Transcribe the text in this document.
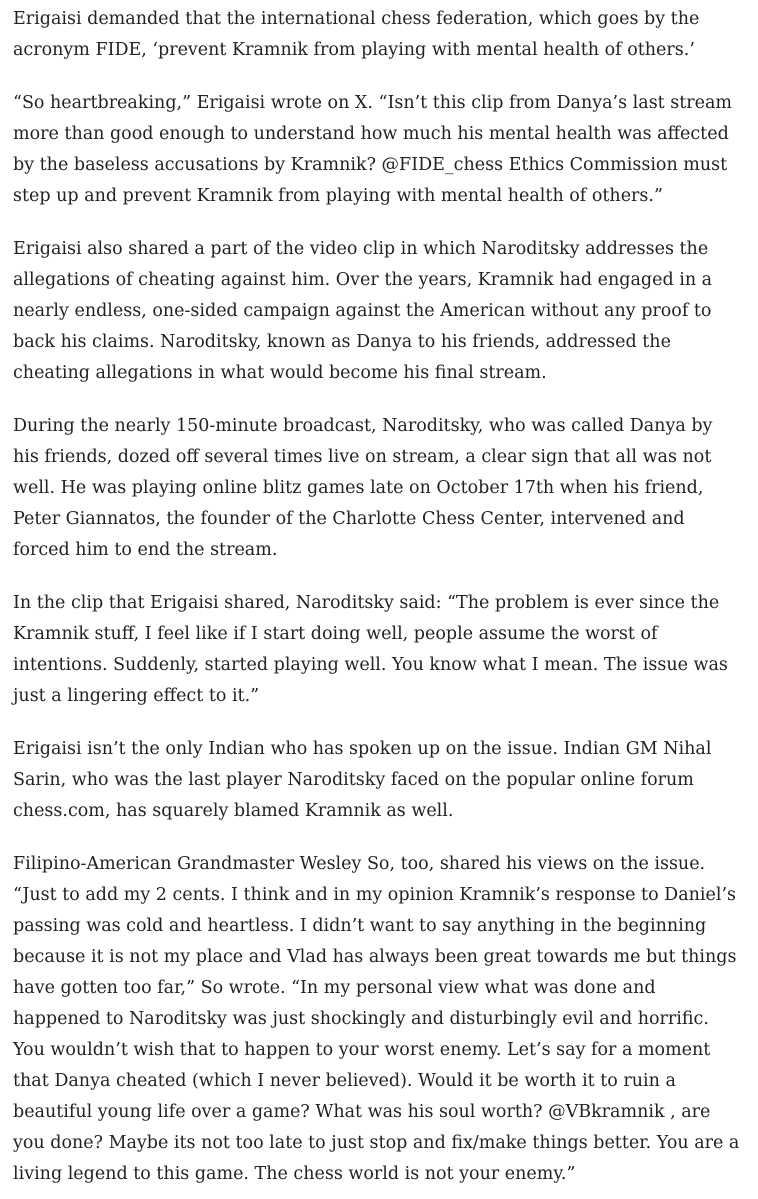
Erigaisi demanded that the international chess federation, which goes by the acronym FIDE, ‘prevent Kramnik from playing with mental health of others.’

“So heartbreaking,” Erigaisi wrote on X. “Isn’t this clip from Danya’s last stream more than good enough to understand how much his mental health was affected by the baseless accusations by Kramnik? @FIDE_chess Ethics Commission must step up and prevent Kramnik from playing with mental health of others.”

Erigaisi also shared a part of the video clip in which Naroditsky addresses the allegations of cheating against him. Over the years, Kramnik had engaged in a nearly endless, one-sided campaign against the American without any proof to back his claims. Naroditsky, known as Danya to his friends, addressed the cheating allegations in what would become his final stream.

During the nearly 150-minute broadcast, Naroditsky, who was called Danya by his friends, dozed off several times live on stream, a clear sign that all was not well. He was playing online blitz games late on October 17th when his friend, Peter Giannatos, the founder of the Charlotte Chess Center, intervened and forced him to end the stream.

In the clip that Erigaisi shared, Naroditsky said: “The problem is ever since the Kramnik stuff, I feel like if I start doing well, people assume the worst of intentions. Suddenly, started playing well. You know what I mean. The issue was just a lingering effect to it.”

Erigaisi isn’t the only Indian who has spoken up on the issue. Indian GM Nihal Sarin, who was the last player Naroditsky faced on the popular online forum chess.com, has squarely blamed Kramnik as well.

Filipino-American Grandmaster Wesley So, too, shared his views on the issue. “Just to add my 2 cents. I think and in my opinion Kramnik’s response to Daniel’s passing was cold and heartless. I didn’t want to say anything in the beginning because it is not my place and Vlad has always been great towards me but things have gotten too far,” So wrote. “In my personal view what was done and happened to Naroditsky was just shockingly and disturbingly evil and horrific. You wouldn’t wish that to happen to your worst enemy. Let’s say for a moment that Danya cheated (which I never believed). Would it be worth it to ruin a beautiful young life over a game? What was his soul worth? @VBkramnik , are you done? Maybe its not too late to just stop and fix/make things better. You are a living legend to this game. The chess world is not your enemy.”
